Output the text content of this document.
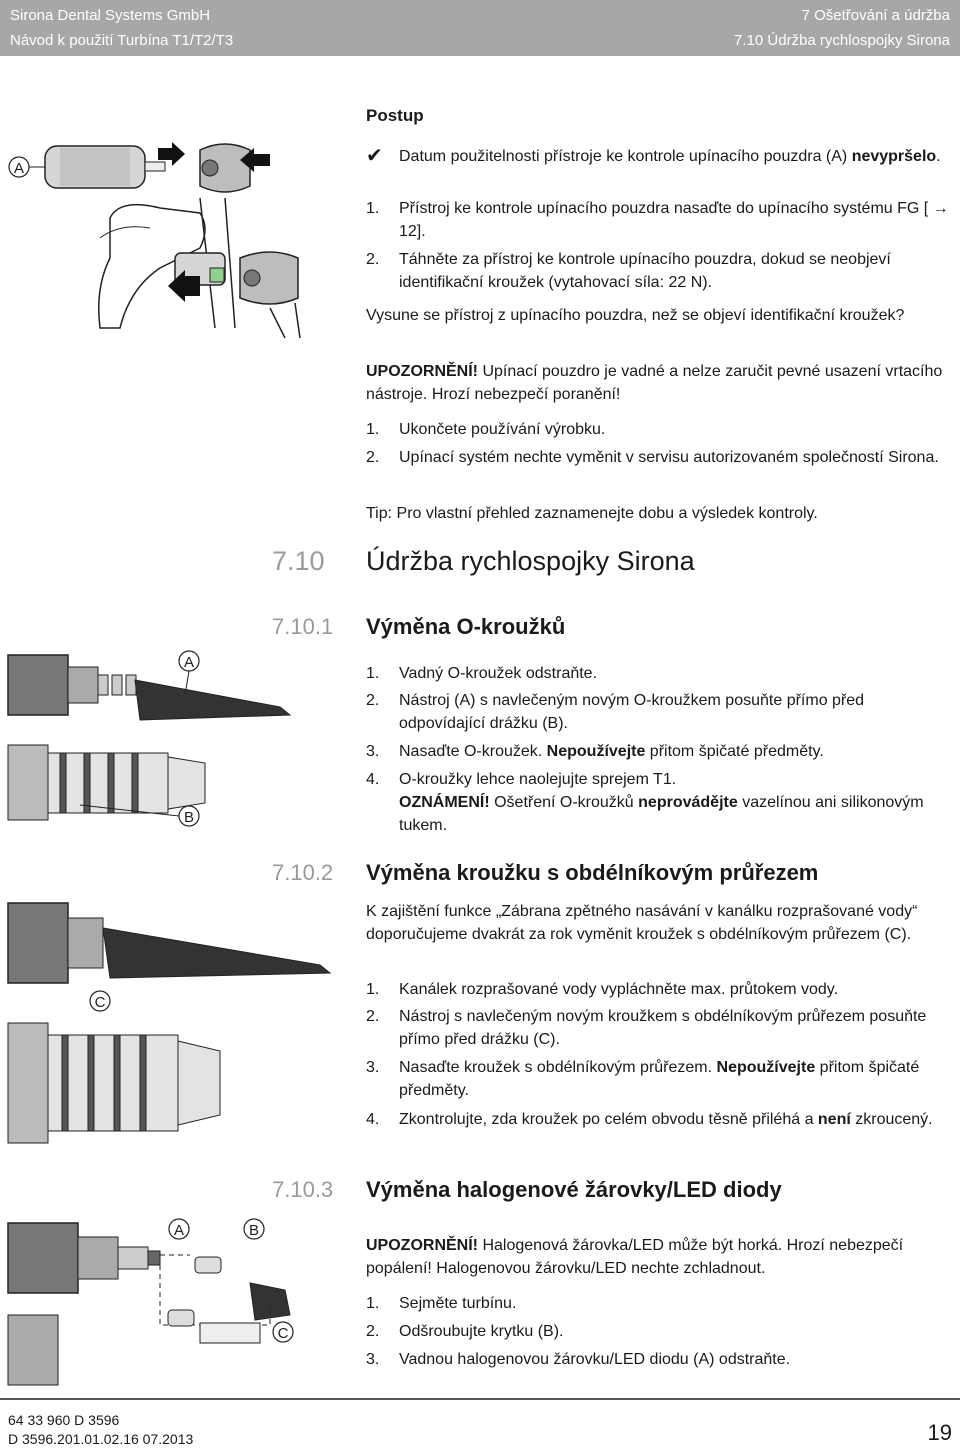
Sirona Dental Systems GmbH
Návod k použití Turbína T1/T2/T3
7 Ošetřování a údržba
7.10 Údržba rychlospojky Sirona
A
Postup
✔	Datum použitelnosti přístroje ke kontrole upínacího pouzdra (A) nevypršelo.
1.	Přístroj ke kontrole upínacího pouzdra nasaďte do upínacího systému FG [ → 12].
2.	Táhněte za přístroj ke kontrole upínacího pouzdra, dokud se neobjeví identifikační kroužek (vytahovací síla: 22 N).
Vysune se přístroj z upínacího pouzdra, než se objeví identifikační kroužek?
UPOZORNĚNÍ! Upínací pouzdro je vadné a nelze zaručit pevné usazení vrtacího nástroje. Hrozí nebezpečí poranění!
1.	Ukončete používání výrobku.
2.	Upínací systém nechte vyměnit v servisu autorizovaném společností Sirona.
Tip: Pro vlastní přehled zaznamenejte dobu a výsledek kontroly.
7.10 Údržba rychlospojky Sirona
7.10.1 Výměna O-kroužků
A
B
1.	Vadný O-kroužek odstraňte.
2.	Nástroj (A) s navlečeným novým O-kroužkem posuňte přímo před odpovídající drážku (B).
3.	Nasaďte O-kroužek. Nepoužívejte přitom špičaté předměty.
4.	O-kroužky lehce naolejujte sprejem T1.
OZNÁMENÍ! Ošetření O-kroužků neprovádějte vazelínou ani silikonovým tukem.
7.10.2 Výměna kroužku s obdélníkovým průřezem
C
K zajištění funkce „Zábrana zpětného nasávání v kanálku rozprašované vody“ doporučujeme dvakrát za rok vyměnit kroužek s obdélníkovým průřezem (C).
1.	Kanálek rozprašované vody vypláchněte max. průtokem vody.
2.	Nástroj s navlečeným novým kroužkem s obdélníkovým průřezem posuňte přímo před drážku (C).
3.	Nasaďte kroužek s obdélníkovým průřezem. Nepoužívejte přitom špičaté předměty.
4.	Zkontrolujte, zda kroužek po celém obvodu těsně přiléhá a není zkroucený.
7.10.3 Výměna halogenové žárovky/LED diody
A	B
C
UPOZORNĚNÍ! Halogenová žárovka/LED může být horká. Hrozí nebezpečí popálení! Halogenovou žárovku/LED nechte zchladnout.
1.	Sejměte turbínu.
2.	Odšroubujte krytku (B).
3.	Vadnou halogenovou žárovku/LED diodu (A) odstraňte.
64 33 960 D 3596
D 3596.201.01.02.16 07.2013	19
